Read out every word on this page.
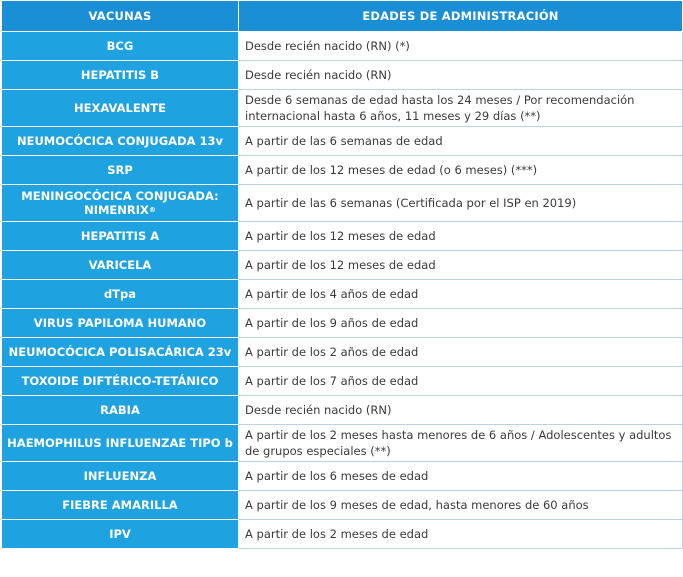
VACUNAS	EDADES DE ADMINISTRACIÓN
BCG	Desde recién nacido (RN) (*)
HEPATITIS B	Desde recién nacido (RN)
HEXAVALENTE	Desde 6 semanas de edad hasta los 24 meses / Por recomendación internacional hasta 6 años, 11 meses y 29 días (**)
NEUMOCÓCICA CONJUGADA 13v	A partir de las 6 semanas de edad
SRP	A partir de los 12 meses de edad (o 6 meses) (***)
MENINGOCÓCICA CONJUGADA: NIMENRIX®	A partir de las 6 semanas (Certificada por el ISP en 2019)
HEPATITIS A	A partir de los 12 meses de edad
VARICELA	A partir de los 12 meses de edad
dTpa	A partir de los 4 años de edad
VIRUS PAPILOMA HUMANO	A partir de los 9 años de edad
NEUMOCÓCICA POLISACÁRICA 23v	A partir de los 2 años de edad
TOXOIDE DIFTÉRICO-TETÁNICO	A partir de los 7 años de edad
RABIA	Desde recién nacido (RN)
HAEMOPHILUS INFLUENZAE TIPO b	A partir de los 2 meses hasta menores de 6 años / Adolescentes y adultos de grupos especiales (**)
INFLUENZA	A partir de los 6 meses de edad
FIEBRE AMARILLA	A partir de los 9 meses de edad, hasta menores de 60 años
IPV	A partir de los 2 meses de edad
